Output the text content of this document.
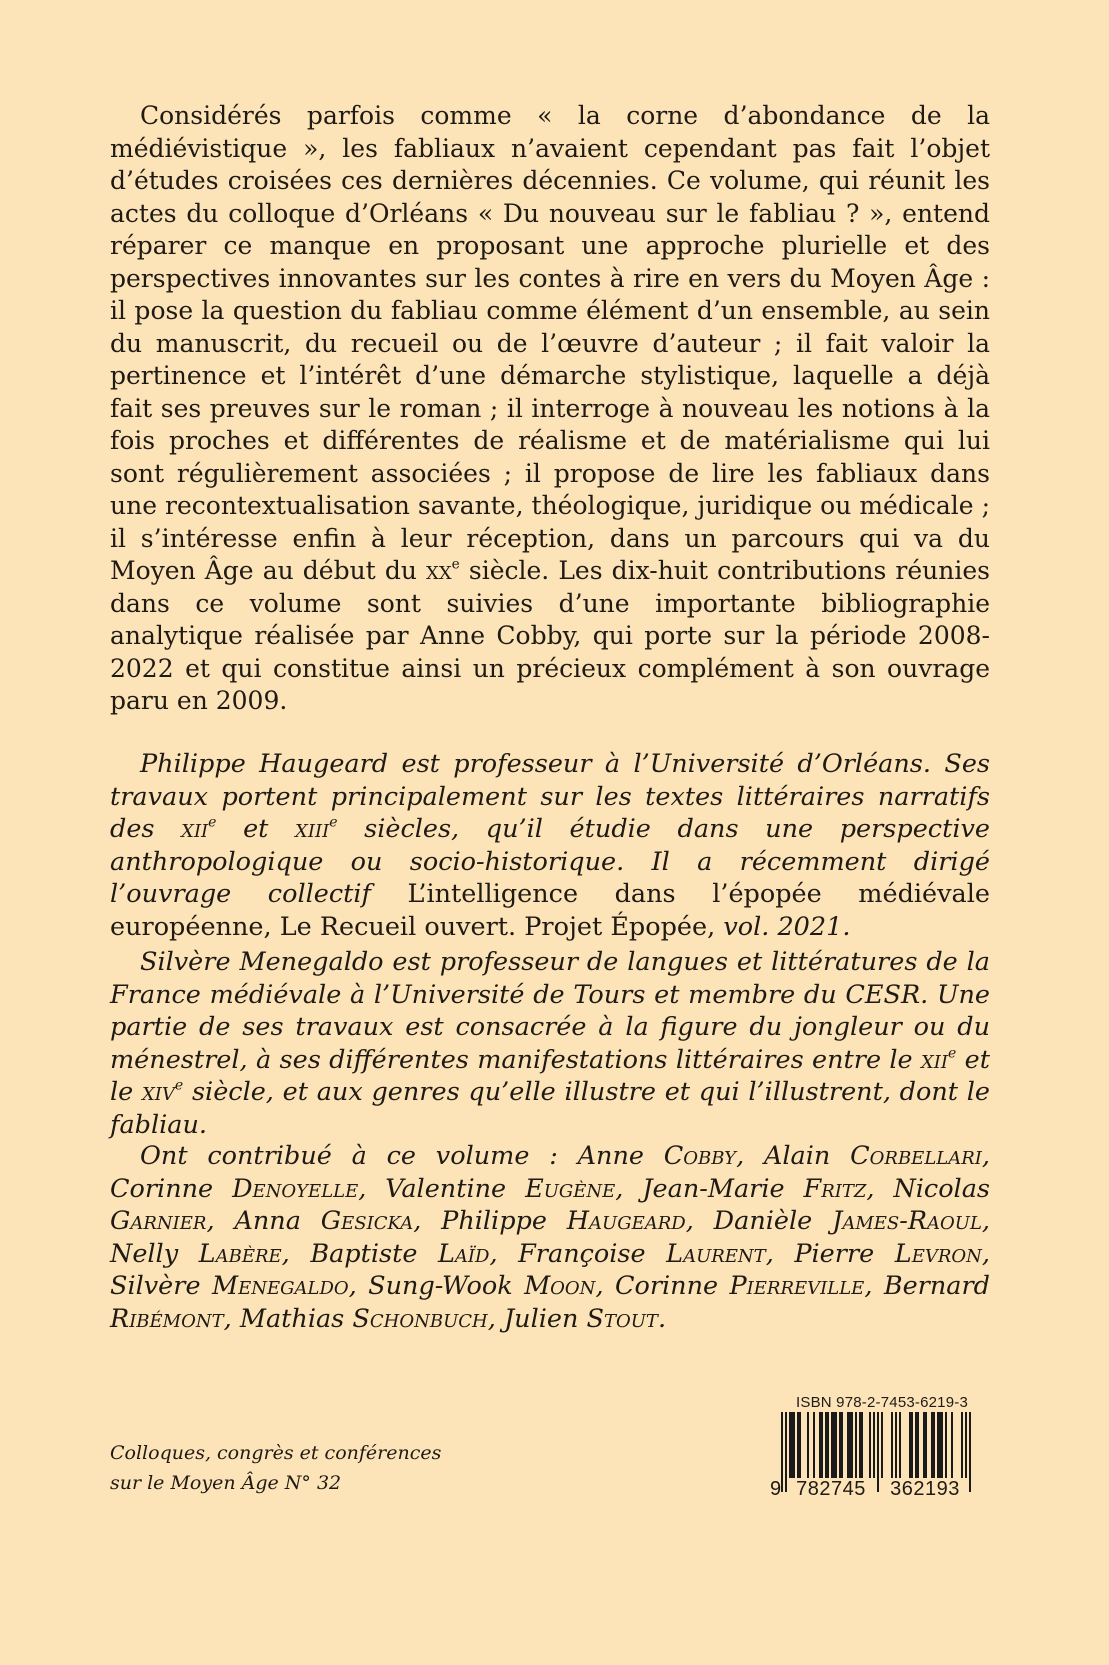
Considérés parfois comme « la corne d’abondance de la médiévistique », les fabliaux n’avaient cependant pas fait l’objet d’études croisées ces dernières décennies. Ce volume, qui réunit les actes du colloque d’Orléans « Du nouveau sur le fabliau ? », entend réparer ce manque en proposant une approche plurielle et des perspectives innovantes sur les contes à rire en vers du Moyen Âge : il pose la question du fabliau comme élément d’un ensemble, au sein du manuscrit, du recueil ou de l’œuvre d’auteur ; il fait valoir la pertinence et l’intérêt d’une démarche stylistique, laquelle a déjà fait ses preuves sur le roman ; il interroge à nouveau les notions à la fois proches et différentes de réalisme et de matérialisme qui lui sont régulièrement associées ; il propose de lire les fabliaux dans une recontextualisation savante, théologique, juridique ou médicale ; il s’intéresse enfin à leur réception, dans un parcours qui va du Moyen Âge au début du $xx^e$ siècle. Les dix-huit contributions réunies dans ce volume sont suivies d’une importante bibliographie analytique réalisée par Anne Cobby, qui porte sur la période 2008-2022 et qui constitue ainsi un précieux complément à son ouvrage paru en 2009.

Philippe Haugeard est professeur à l’Université d’Orléans. Ses travaux portent principalement sur les textes littéraires narratifs des xii$^e$ et xiii$^e$ siècles, qu’il étudie dans une perspective anthropologique ou socio-historique. Il a récemment dirigé l’ouvrage collectif L’intelligence dans l’épopée médiévale européenne, Le Recueil ouvert. Projet Épopée, vol. 2021.

Silvère Menegaldo est professeur de langues et littératures de la France médiévale à l’Université de Tours et membre du CESR. Une partie de ses travaux est consacrée à la figure du jongleur ou du ménestrel, à ses différentes manifestations littéraires entre le xii$^e$ et le xiv$^e$ siècle, et aux genres qu’elle illustre et qui l’illustrent, dont le fabliau.

Ont contribué à ce volume : Anne Cobby, Alain Corbellari, Corinne Denoyelle, Valentine Eugène, Jean-Marie Fritz, Nicolas Garnier, Anna Gesicka, Philippe Haugeard, Danièle James-Raoul, Nelly Labère, Baptiste Laïd, Françoise Laurent, Pierre Levron, Silvère Menegaldo, Sung-Wook Moon, Corinne Pierreville, Bernard Ribémont, Mathias Schonbuch, Julien Stout.

Colloques, congrès et conférences
sur le Moyen Âge N° 32

ISBN 978-2-7453-6219-3
9 782745	362193
